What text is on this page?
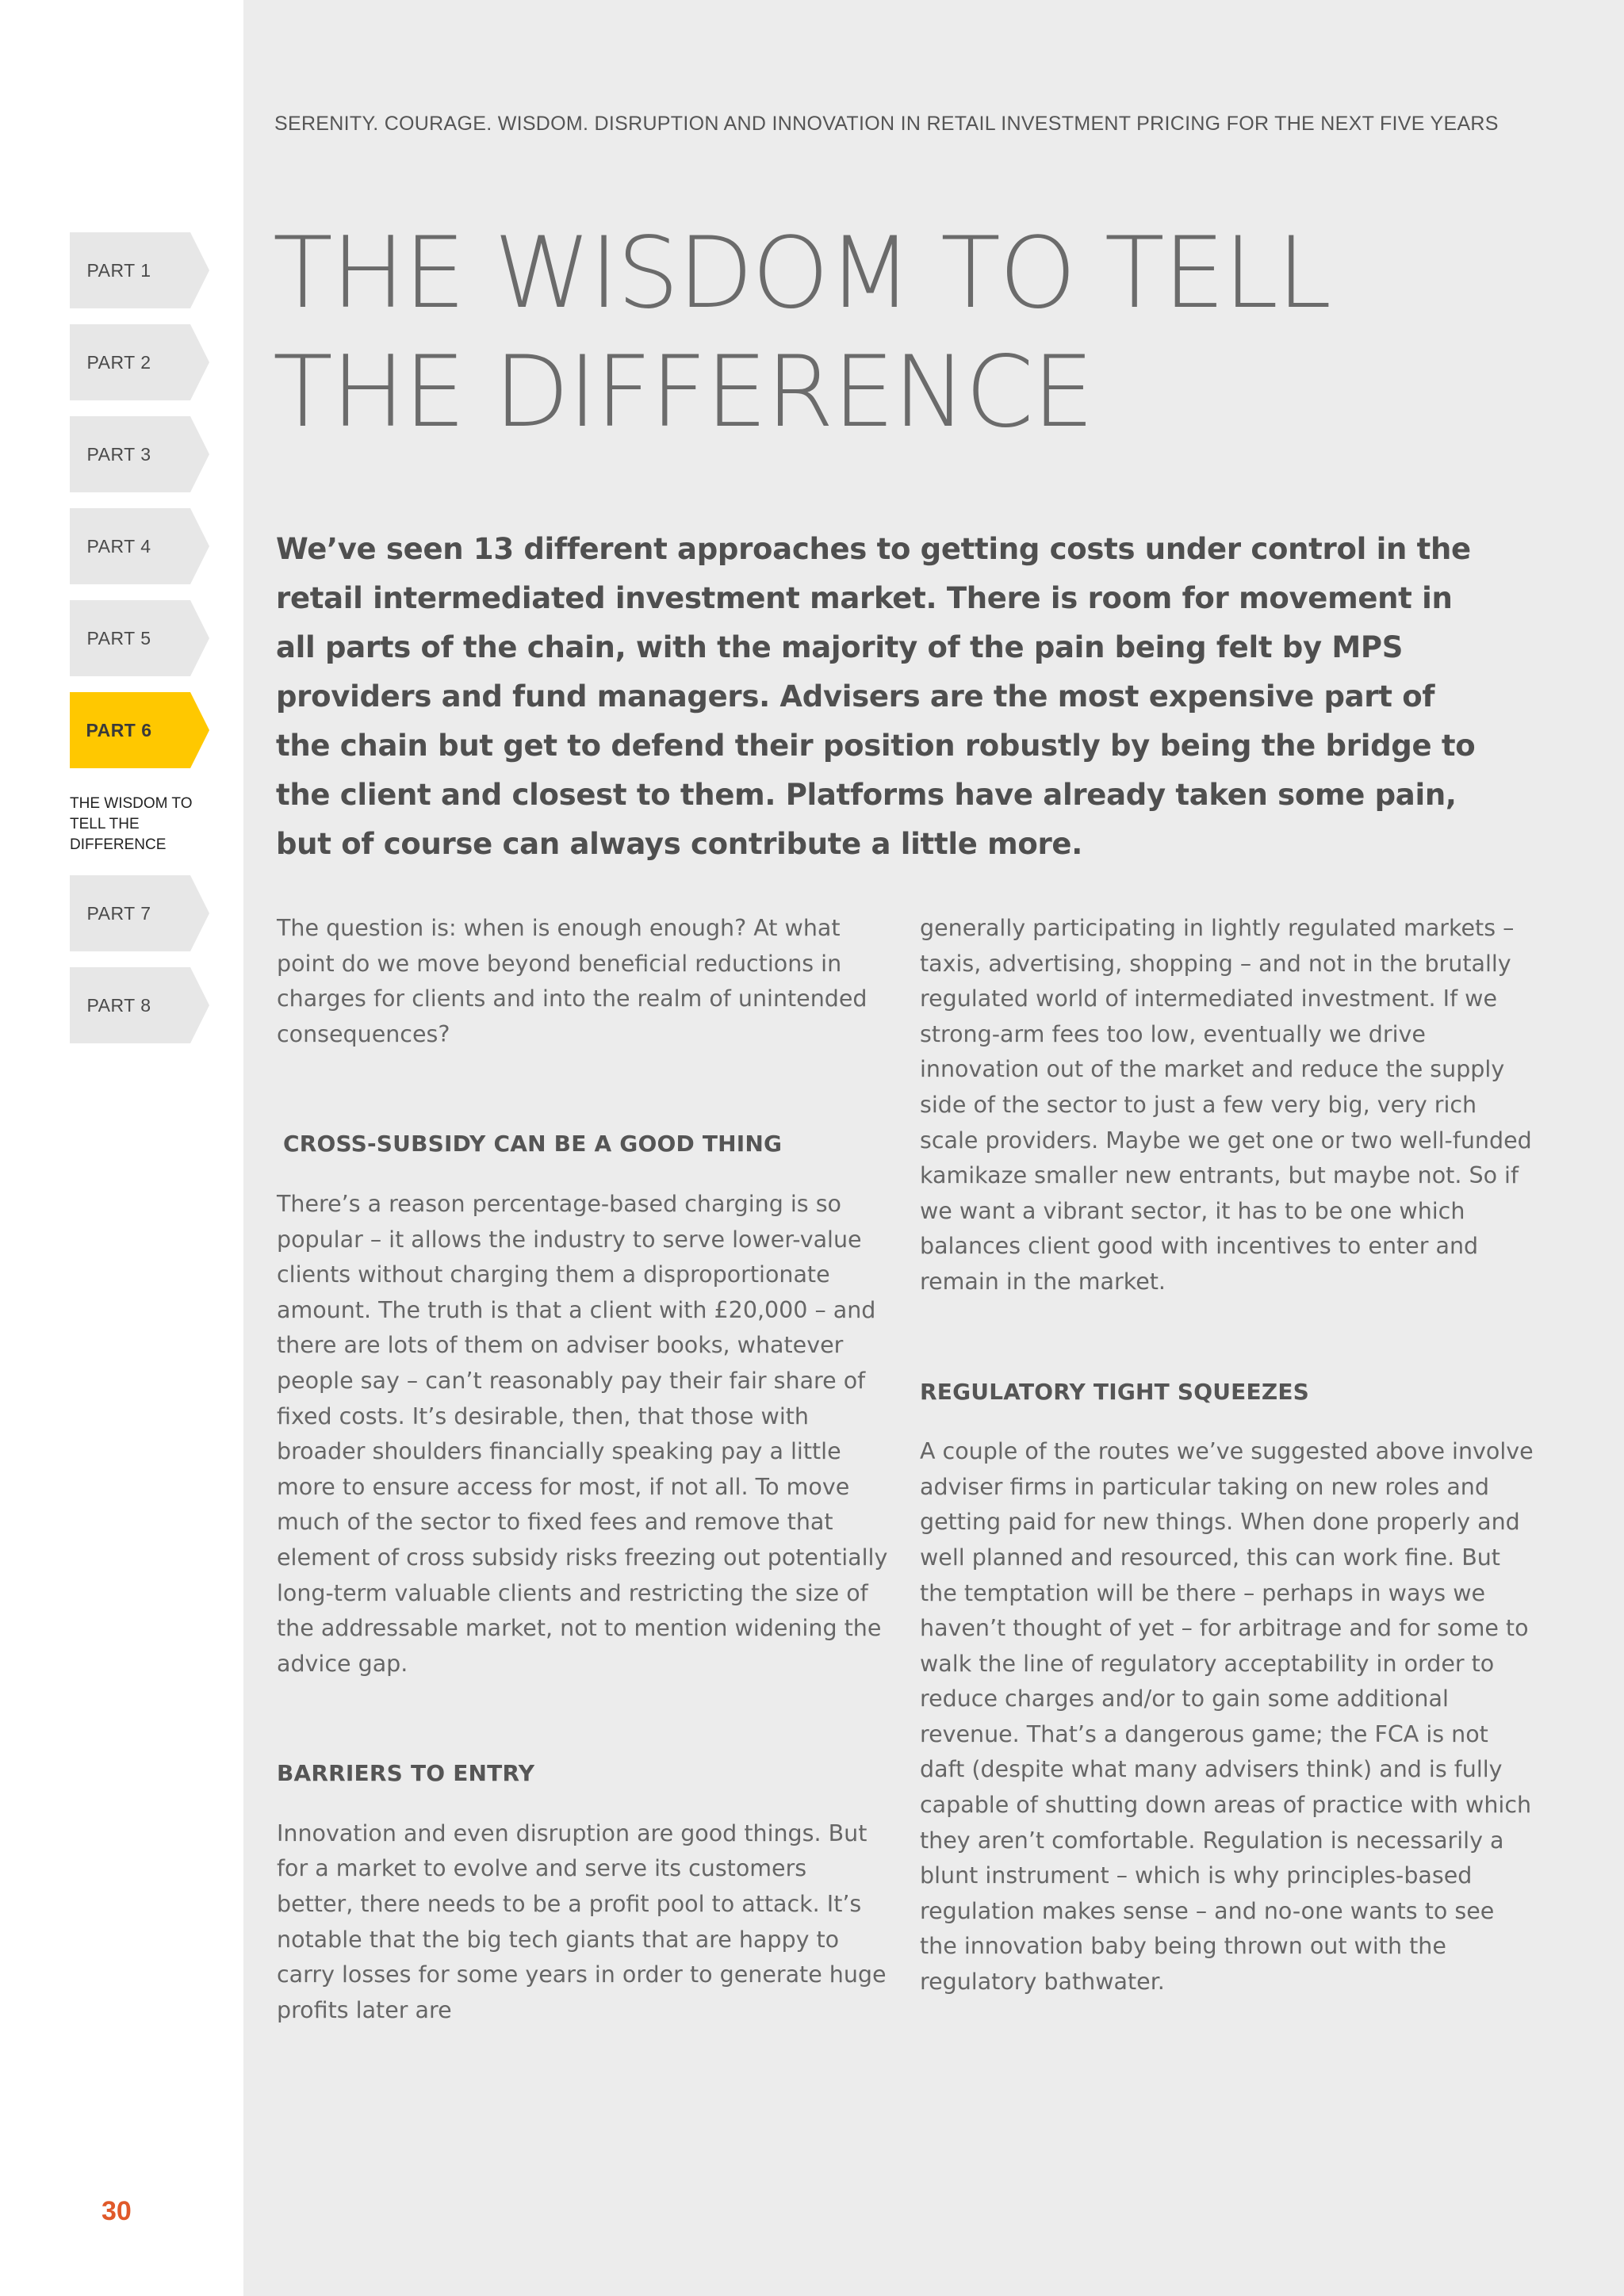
PART 1
PART 2
PART 3
PART 4
PART 5
PART 6
THE WISDOM TO TELL THE DIFFERENCE
PART 7
PART 8
30
SERENITY. COURAGE. WISDOM. DISRUPTION AND INNOVATION IN RETAIL INVESTMENT PRICING FOR THE NEXT FIVE YEARS
THE WISDOM TO TELL
THE DIFFERENCE

We’ve seen 13 different approaches to getting costs under control in the retail intermediated investment market. There is room for movement in all parts of the chain, with the majority of the pain being felt by MPS providers and fund managers. Advisers are the most expensive part of the chain but get to defend their position robustly by being the bridge to the client and closest to them. Platforms have already taken some pain, but of course can always contribute a little more.

The question is: when is enough enough? At what point do we move beyond beneficial reductions in charges for clients and into the realm of unintended consequences?

CROSS-SUBSIDY CAN BE A GOOD THING

There’s a reason percentage-based charging is so popular – it allows the industry to serve lower-value clients without charging them a disproportionate amount. The truth is that a client with £20,000 – and there are lots of them on adviser books, whatever people say – can’t reasonably pay their fair share of fixed costs. It’s desirable, then, that those with broader shoulders financially speaking pay a little more to ensure access for most, if not all. To move much of the sector to fixed fees and remove that element of cross subsidy risks freezing out potentially long-term valuable clients and restricting the size of the addressable market, not to mention widening the advice gap.

BARRIERS TO ENTRY

Innovation and even disruption are good things. But for a market to evolve and serve its customers better, there needs to be a profit pool to attack. It’s notable that the big tech giants that are happy to carry losses for some years in order to generate huge profits later are

generally participating in lightly regulated markets – taxis, advertising, shopping – and not in the brutally regulated world of intermediated investment. If we strong-arm fees too low, eventually we drive innovation out of the market and reduce the supply side of the sector to just a few very big, very rich scale providers. Maybe we get one or two well-funded kamikaze smaller new entrants, but maybe not. So if we want a vibrant sector, it has to be one which balances client good with incentives to enter and remain in the market.

REGULATORY TIGHT SQUEEZES

A couple of the routes we’ve suggested above involve adviser firms in particular taking on new roles and getting paid for new things. When done properly and well planned and resourced, this can work fine. But the temptation will be there – perhaps in ways we haven’t thought of yet – for arbitrage and for some to walk the line of regulatory acceptability in order to reduce charges and/or to gain some additional revenue. That’s a dangerous game; the FCA is not daft (despite what many advisers think) and is fully capable of shutting down areas of practice with which they aren’t comfortable. Regulation is necessarily a blunt instrument – which is why principles-based regulation makes sense – and no-one wants to see the innovation baby being thrown out with the regulatory bathwater.
